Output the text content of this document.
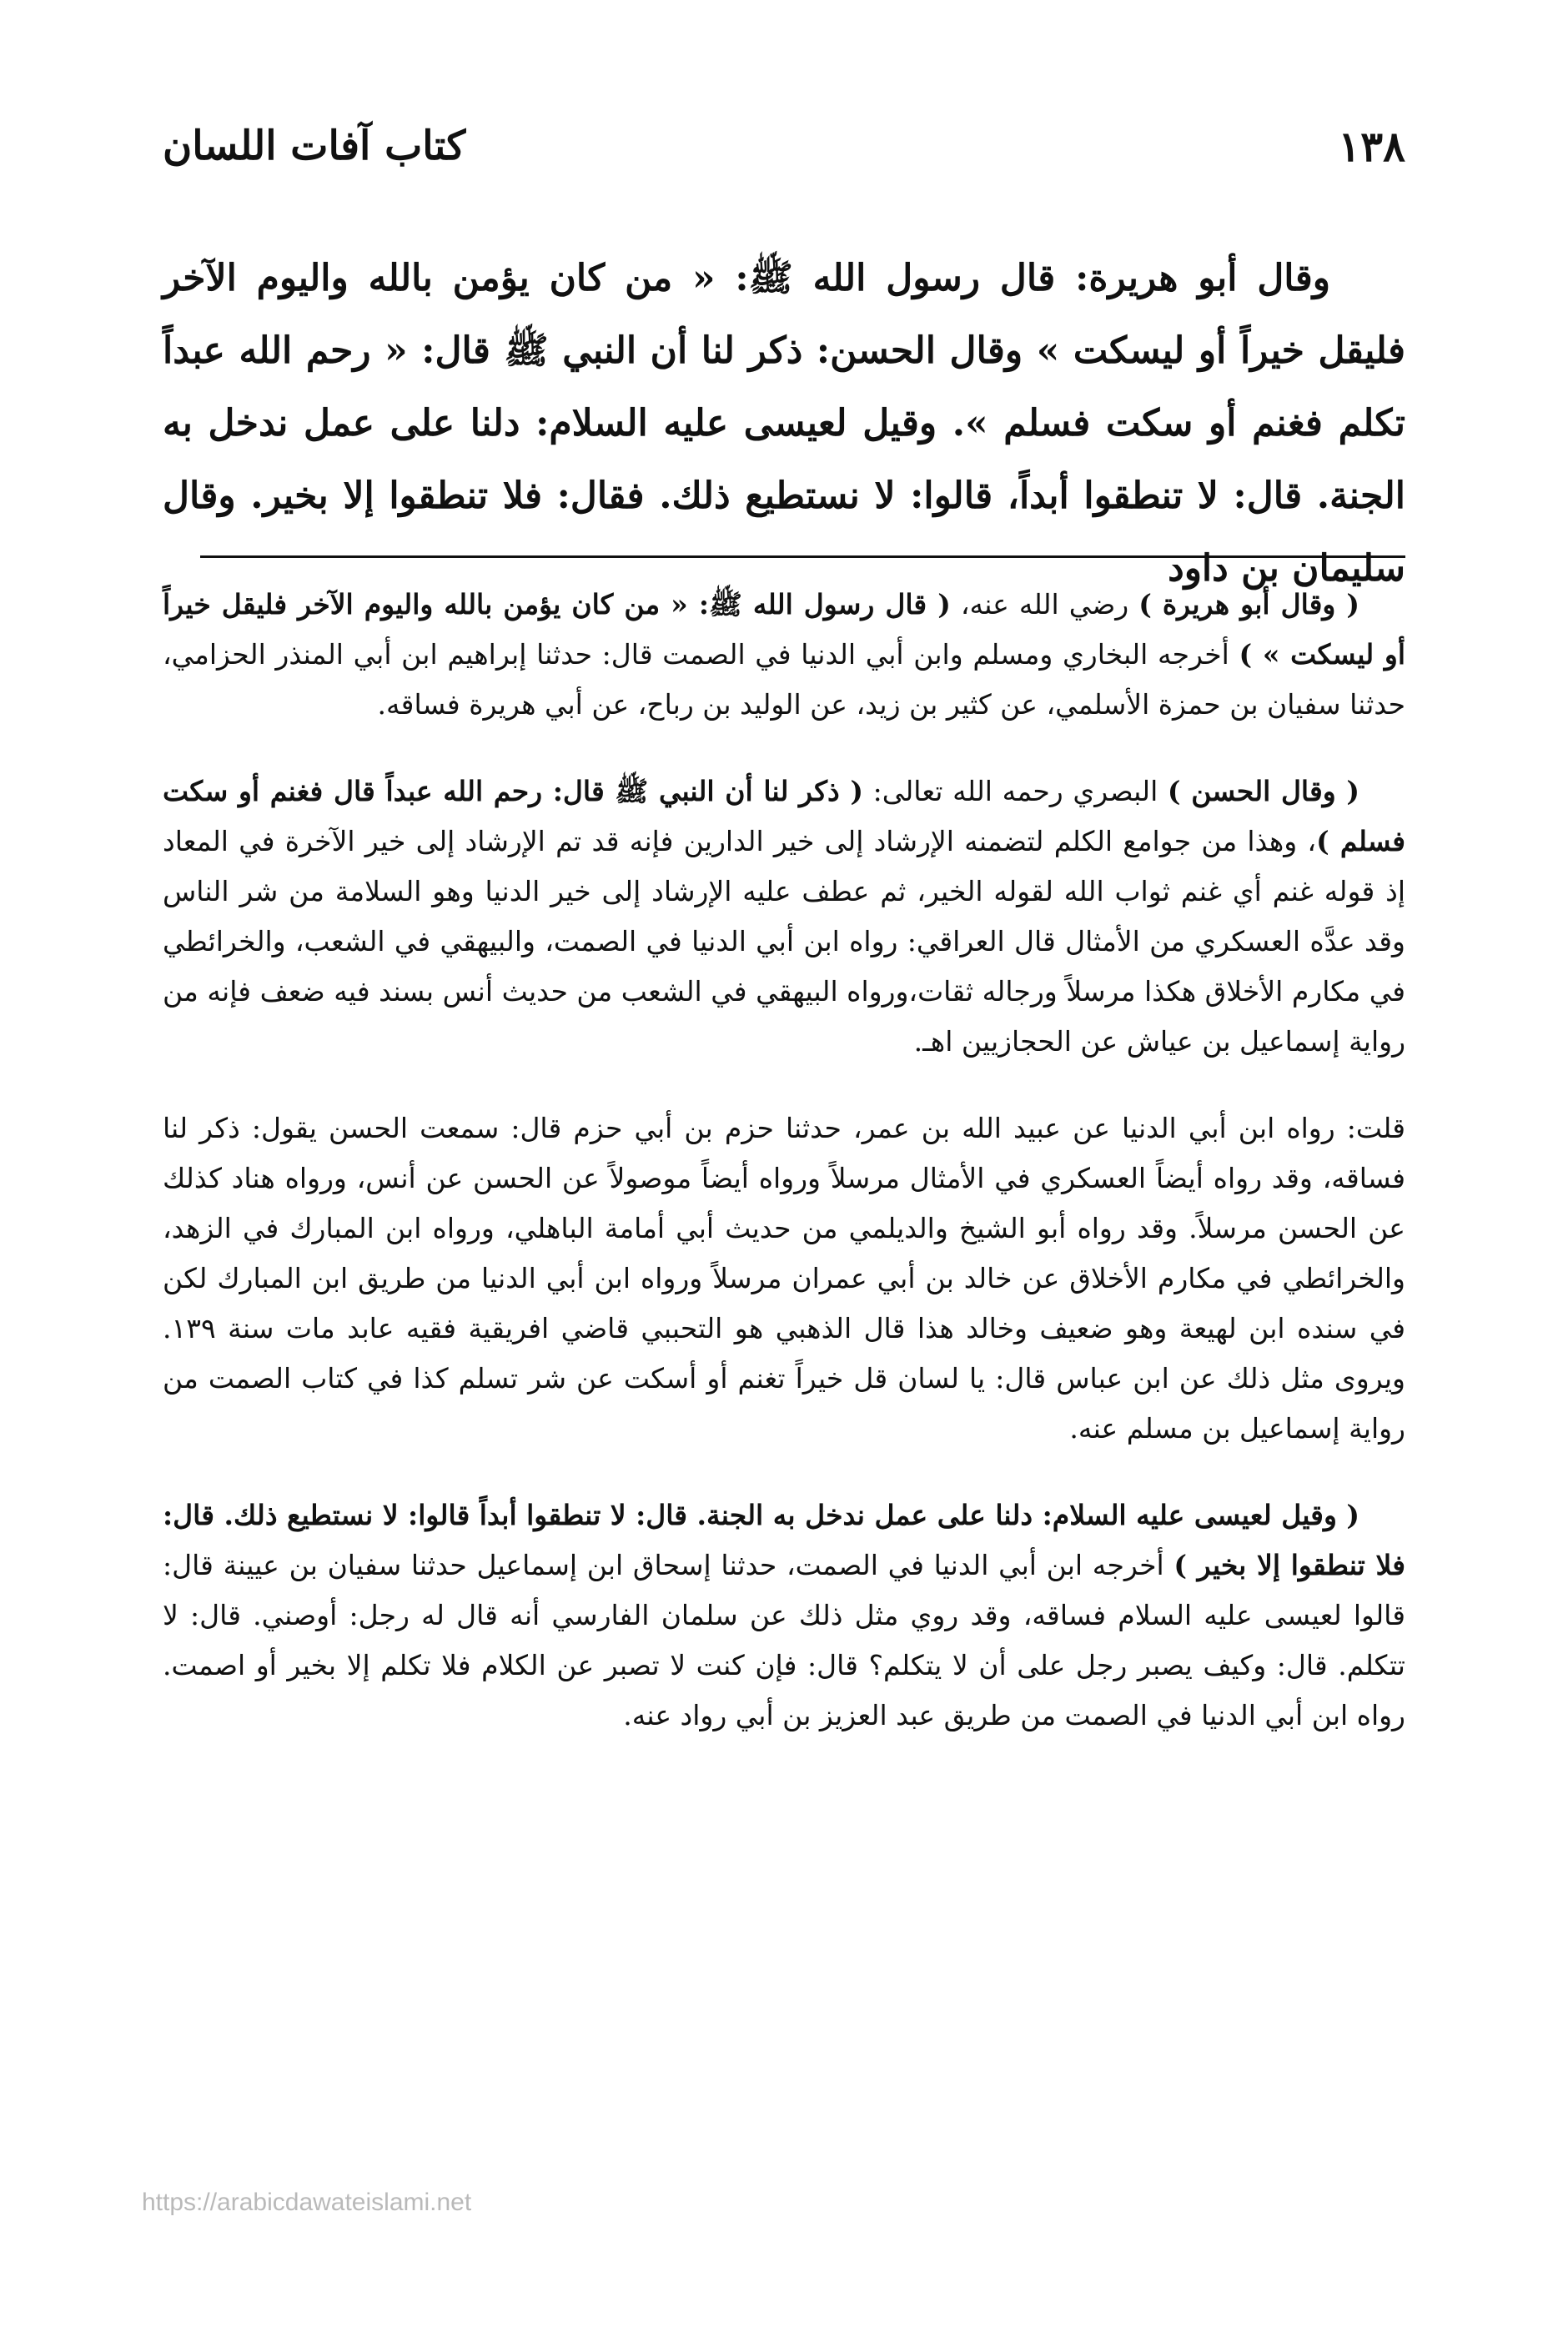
١٣٨
كتاب آفات اللسان
وقال أبو هريرة: قال رسول الله ﷺ: « من كان يؤمن بالله واليوم الآخر فليقل خيراً أو ليسكت » وقال الحسن: ذكر لنا أن النبي ﷺ قال: « رحم الله عبداً تكلم فغنم أو سكت فسلم ». وقيل لعيسى عليه السلام: دلنا على عمل ندخل به الجنة. قال: لا تنطقوا أبداً، قالوا: لا نستطيع ذلك. فقال: فلا تنطقوا إلا بخير. وقال سليمان بن داود

( وقال أبو هريرة ) رضي الله عنه، ( قال رسول الله ﷺ: « من كان يؤمن بالله واليوم الآخر فليقل خيراً أو ليسكت » ) أخرجه البخاري ومسلم وابن أبي الدنيا في الصمت قال: حدثنا إبراهيم ابن أبي المنذر الحزامي، حدثنا سفيان بن حمزة الأسلمي، عن كثير بن زيد، عن الوليد بن رباح، عن أبي هريرة فساقه.

( وقال الحسن ) البصري رحمه الله تعالى: ( ذكر لنا أن النبي ﷺ قال: رحم الله عبداً قال فغنم أو سكت فسلم )، وهذا من جوامع الكلم لتضمنه الإرشاد إلى خير الدارين فإنه قد تم الإرشاد إلى خير الآخرة في المعاد إذ قوله غنم أي غنم ثواب الله لقوله الخير، ثم عطف عليه الإرشاد إلى خير الدنيا وهو السلامة من شر الناس وقد عدَّه العسكري من الأمثال قال العراقي: رواه ابن أبي الدنيا في الصمت، والبيهقي في الشعب، والخرائطي في مكارم الأخلاق هكذا مرسلاً ورجاله ثقات،ورواه البيهقي في الشعب من حديث أنس بسند فيه ضعف فإنه من رواية إسماعيل بن عياش عن الحجازيين اهـ.

قلت: رواه ابن أبي الدنيا عن عبيد الله بن عمر، حدثنا حزم بن أبي حزم قال: سمعت الحسن يقول: ذكر لنا فساقه، وقد رواه أيضاً العسكري في الأمثال مرسلاً ورواه أيضاً موصولاً عن الحسن عن أنس، ورواه هناد كذلك عن الحسن مرسلاً. وقد رواه أبو الشيخ والديلمي من حديث أبي أمامة الباهلي، ورواه ابن المبارك في الزهد، والخرائطي في مكارم الأخلاق عن خالد بن أبي عمران مرسلاً ورواه ابن أبي الدنيا من طريق ابن المبارك لكن في سنده ابن لهيعة وهو ضعيف وخالد هذا قال الذهبي هو التحببي قاضي افريقية فقيه عابد مات سنة ١٣٩. ويروى مثل ذلك عن ابن عباس قال: يا لسان قل خيراً تغنم أو أسكت عن شر تسلم كذا في كتاب الصمت من رواية إسماعيل بن مسلم عنه.

( وقيل لعيسى عليه السلام: دلنا على عمل ندخل به الجنة. قال: لا تنطقوا أبداً قالوا: لا نستطيع ذلك. قال: فلا تنطقوا إلا بخير ) أخرجه ابن أبي الدنيا في الصمت، حدثنا إسحاق ابن إسماعيل حدثنا سفيان بن عيينة قال: قالوا لعيسى عليه السلام فساقه، وقد روي مثل ذلك عن سلمان الفارسي أنه قال له رجل: أوصني. قال: لا تتكلم. قال: وكيف يصبر رجل على أن لا يتكلم؟ قال: فإن كنت لا تصبر عن الكلام فلا تكلم إلا بخير أو اصمت. رواه ابن أبي الدنيا في الصمت من طريق عبد العزيز بن أبي رواد عنه.

https://arabicdawateislami.net
